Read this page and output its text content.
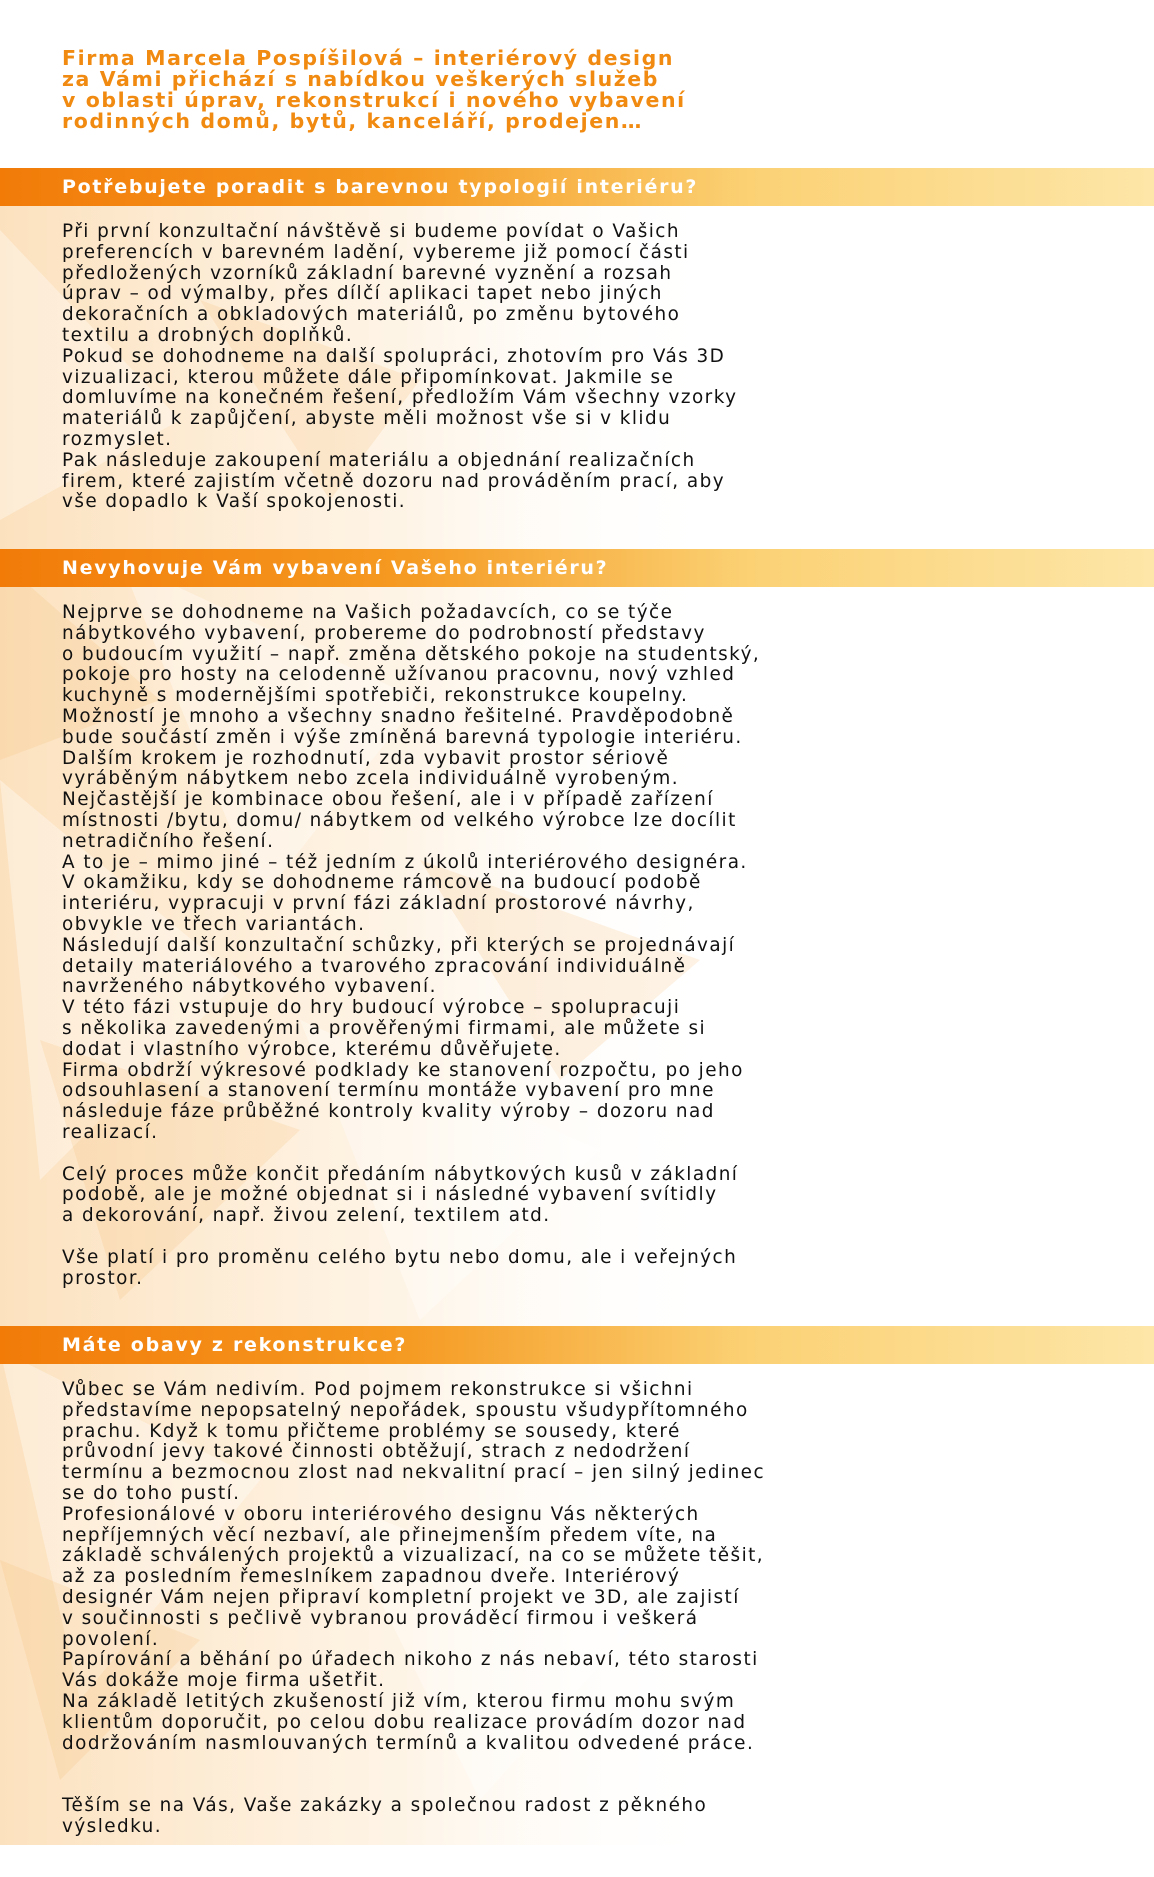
Firma Marcela Pospíšilová – interiérový design
za Vámi přichází s nabídkou veškerých služeb
v oblasti úprav, rekonstrukcí i nového vybavení
rodinných domů, bytů, kanceláří, prodejen…

Potřebujete poradit s barevnou typologií interiéru?

Při první konzultační návštěvě si budeme povídat o Vašich
preferencích v barevném ladění, vybereme již pomocí části
předložených vzorníků základní barevné vyznění a rozsah
úprav – od výmalby, přes dílčí aplikaci tapet nebo jiných
dekoračních a obkladových materiálů, po změnu bytového
textilu a drobných doplňků.

Pokud se dohodneme na další spolupráci, zhotovím pro Vás 3D
vizualizaci, kterou můžete dále připomínkovat. Jakmile se
domluvíme na konečném řešení, předložím Vám všechny vzorky
materiálů k zapůjčení, abyste měli možnost vše si v klidu
rozmyslet.

Pak následuje zakoupení materiálu a objednání realizačních
firem, které zajistím včetně dozoru nad prováděním prací, aby
vše dopadlo k Vaší spokojenosti.

Nevyhovuje Vám vybavení Vašeho interiéru?

Nejprve se dohodneme na Vašich požadavcích, co se týče
nábytkového vybavení, probereme do podrobností představy
o budoucím využití – např. změna dětského pokoje na studentský,
pokoje pro hosty na celodenně užívanou pracovnu, nový vzhled
kuchyně s modernějšími spotřebiči, rekonstrukce koupelny.

Možností je mnoho a všechny snadno řešitelné. Pravděpodobně
bude součástí změn i výše zmíněná barevná typologie interiéru.

Dalším krokem je rozhodnutí, zda vybavit prostor sériově
vyráběným nábytkem nebo zcela individuálně vyrobeným.

Nejčastější je kombinace obou řešení, ale i v případě zařízení
místnosti /bytu, domu/ nábytkem od velkého výrobce lze docílit
netradičního řešení.

A to je – mimo jiné – též jedním z úkolů interiérového designéra.

V okamžiku, kdy se dohodneme rámcově na budoucí podobě
interiéru, vypracuji v první fázi základní prostorové návrhy,
obvykle ve třech variantách.

Následují další konzultační schůzky, při kterých se projednávají
detaily materiálového a tvarového zpracování individuálně
navrženého nábytkového vybavení.

V této fázi vstupuje do hry budoucí výrobce – spolupracuji
s několika zavedenými a prověřenými firmami, ale můžete si
dodat i vlastního výrobce, kterému důvěřujete.

Firma obdrží výkresové podklady ke stanovení rozpočtu, po jeho
odsouhlasení a stanovení termínu montáže vybavení pro mne
následuje fáze průběžné kontroly kvality výroby – dozoru nad
realizací.

Celý proces může končit předáním nábytkových kusů v základní
podobě, ale je možné objednat si i následné vybavení svítidly
a dekorování, např. živou zelení, textilem atd.

Vše platí i pro proměnu celého bytu nebo domu, ale i veřejných
prostor.

Máte obavy z rekonstrukce?

Vůbec se Vám nedivím. Pod pojmem rekonstrukce si všichni
představíme nepopsatelný nepořádek, spoustu všudypřítomného
prachu. Když k tomu přičteme problémy se sousedy, které
průvodní jevy takové činnosti obtěžují, strach z nedodržení
termínu a bezmocnou zlost nad nekvalitní prací – jen silný jedinec
se do toho pustí.

Profesionálové v oboru interiérového designu Vás některých
nepříjemných věcí nezbaví, ale přinejmenším předem víte, na
základě schválených projektů a vizualizací, na co se můžete těšit,
až za posledním řemeslníkem zapadnou dveře. Interiérový
designér Vám nejen připraví kompletní projekt ve 3D, ale zajistí
v součinnosti s pečlivě vybranou prováděcí firmou i veškerá
povolení.

Papírování a běhání po úřadech nikoho z nás nebaví, této starosti
Vás dokáže moje firma ušetřit.

Na základě letitých zkušeností již vím, kterou firmu mohu svým
klientům doporučit, po celou dobu realizace provádím dozor nad
dodržováním nasmlouvaných termínů a kvalitou odvedené práce.

Těším se na Vás, Vaše zakázky a společnou radost z pěkného
výsledku.
